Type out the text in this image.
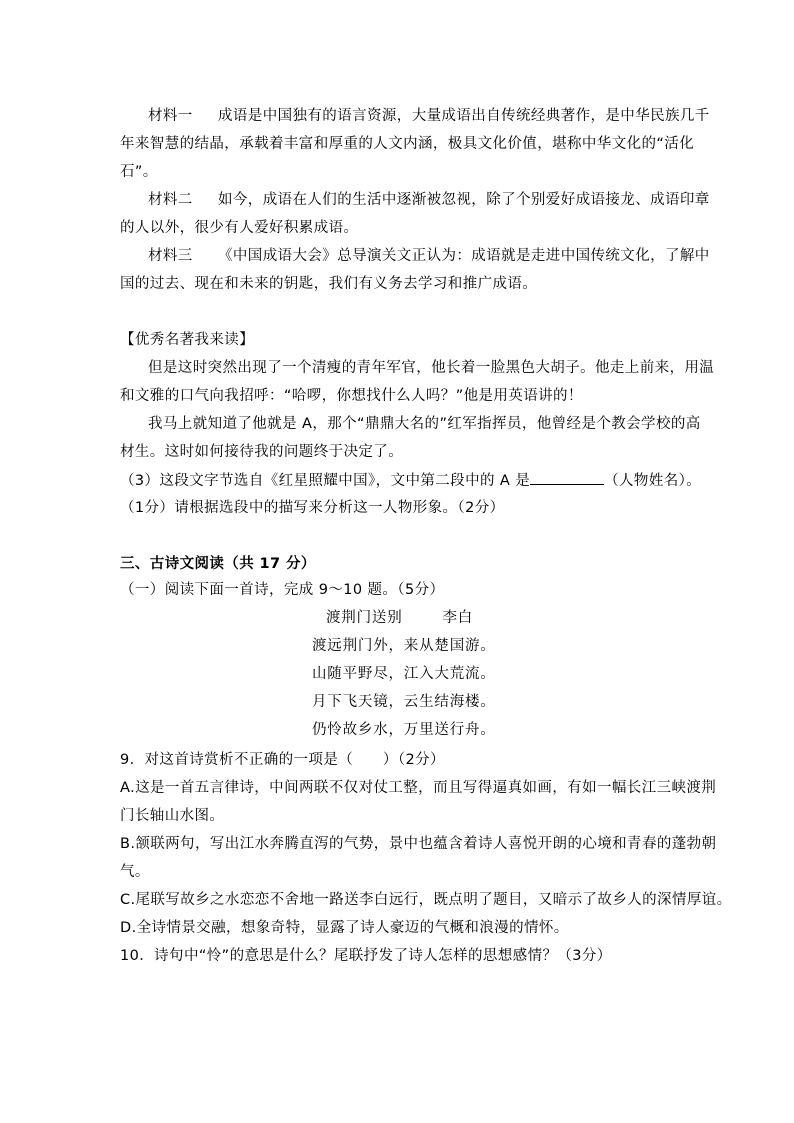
材料一 成语是中国独有的语言资源，大量成语出自传统经典著作，是中华民族几千
年来智慧的结晶，承载着丰富和厚重的人文内涵，极具文化价值，堪称中华文化的“活化
石”。
材料二 如今，成语在人们的生活中逐渐被忽视，除了个别爱好成语接龙、成语印章
的人以外，很少有人爱好积累成语。
材料三 《中国成语大会》总导演关文正认为：成语就是走进中国传统文化，了解中
国的过去、现在和未来的钥匙，我们有义务去学习和推广成语。
【优秀名著我来读】
但是这时突然出现了一个清瘦的青年军官，他长着一脸黑色大胡子。他走上前来，用温
和文雅的口气向我招呼：“哈啰，你想找什么人吗？”他是用英语讲的！
我马上就知道了他就是 A，那个“鼎鼎大名的”红军指挥员，他曾经是个教会学校的高
材生。这时如何接待我的问题终于决定了。
（3）这段文字节选自《红星照耀中国》，文中第二段中的 A 是	（人物姓名）。
（1分）请根据选段中的描写来分析这一人物形象。（2分）
三、古诗文阅读（共 17 分）
（一）阅读下面一首诗，完成 9～10 题。（5分）
渡荆门送别	李白
渡远荆门外，来从楚国游。
山随平野尽，江入大荒流。
月下飞天镜，云生结海楼。
仍怜故乡水，万里送行舟。
9．对这首诗赏析不正确的一项是（　　）（2分）
A.这是一首五言律诗，中间两联不仅对仗工整，而且写得逼真如画，有如一幅长江三峡渡荆
门长轴山水图。
B.颔联两句，写出江水奔腾直泻的气势，景中也蕴含着诗人喜悦开朗的心境和青春的蓬勃朝
气。
C.尾联写故乡之水恋恋不舍地一路送李白远行，既点明了题目，又暗示了故乡人的深情厚谊。
D.全诗情景交融，想象奇特，显露了诗人豪迈的气概和浪漫的情怀。
10．诗句中“怜”的意思是什么？尾联抒发了诗人怎样的思想感情？（3分）
